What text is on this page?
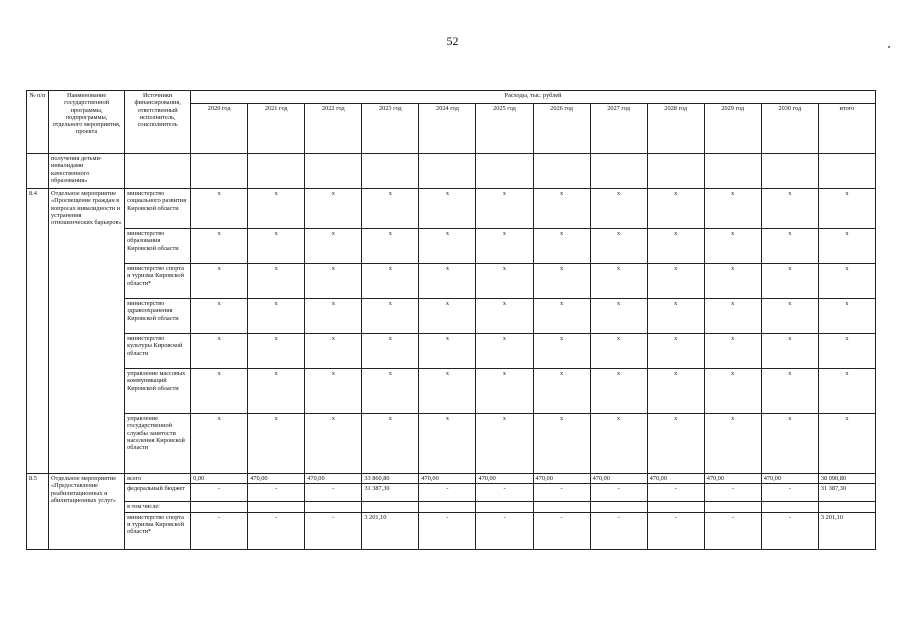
52
№ п/п	Наименование государственной программы, подпрограммы, отдельного мероприятия, проекта	Источники финансирования, ответственный исполнитель, соисполнитель	Расходы, тыс. рублей											
			2020 год	2021 год	2022 год	2023 год	2024 год	2025 год	2026 год	2027 год	2028 год	2029 год	2030 год	итого
	получения детьми-инвалидами качественного образования»													
8.4	Отдельное мероприятие «Просвещение граждан в вопросах инвалидности и устранения отношенческих барьеров»	министерство социального развития Кировской области	x	x	x	x	x	x	x	x	x	x	x	x
		министерство образования Кировской области	x	x	x	x	x	x	x	x	x	x	x	x
		министерство спорта и туризма Кировской области*	x	x	x	x	x	x	x	x	x	x	x	x
		министерство здравоохранения Кировской области	x	x	x	x	x	x	x	x	x	x	x	x
		министерство культуры Кировской области	x	x	x	x	x	x	x	x	x	x	x	x
		управление массовых коммуникаций Кировской области	x	x	x	x	x	x	x	x	x	x	x	x
		управление государственной службы занятости населения Кировской области	x	x	x	x	x	x	x	x	x	x	x	x
8.5	Отдельное мероприятие «Предоставление реабилитационных и абилитационных услуг»	всего	0,00	470,00	470,00	33 860,80	470,00	470,00	470,00	470,00	470,00	470,00	470,00	38 090,80
		федеральный бюджет	-	-	-	31 387,30	-	-	-	-	-	-	-	31 387,30
		в том числе:												
		министерство спорта и туризма Кировской области*	-	-	-	3 201,10	-	-	-	-	-	-	-	3 201,10
